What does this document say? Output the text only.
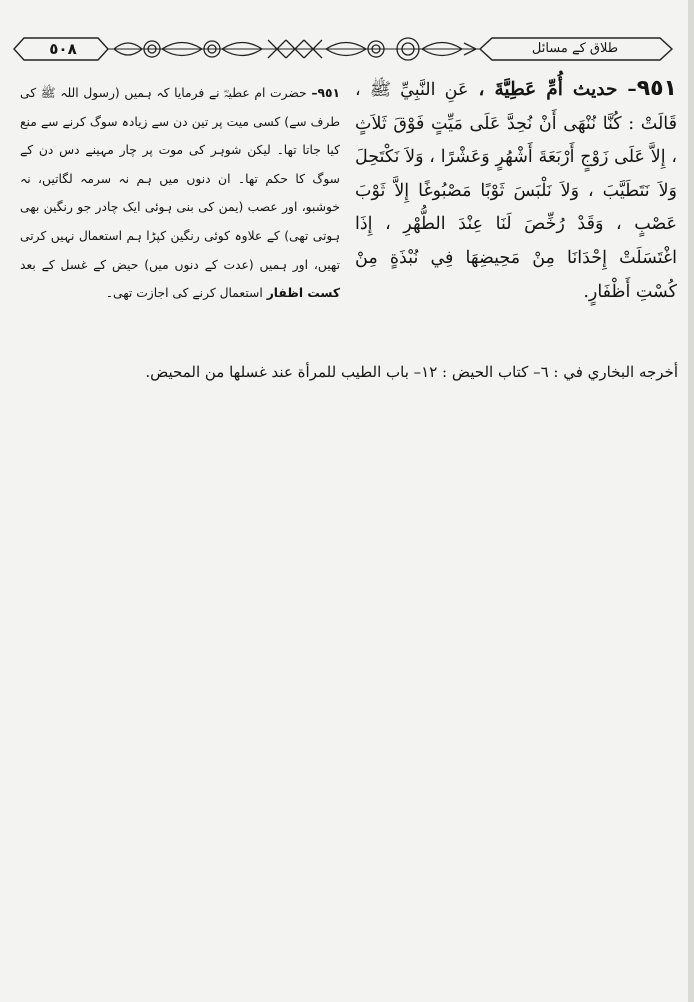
٥٠٨	طلاق کے مسائل
٩٥١– حديث أُمِّ عَطِيَّةَ ، عَنِ النَّبِيِّ ﷺ ، قَالَتْ : كُنَّا نُنْهَى أَنْ نُحِدَّ عَلَى مَيِّتٍ فَوْقَ ثَلاَثٍ ، إِلاَّ عَلَى زَوْجٍ أَرْبَعَةَ أَشْهُرٍ وَعَشْرًا ، وَلاَ نَكْتَحِلَ وَلاَ نَتَطَيَّبَ ، وَلاَ نَلْبَسَ ثَوْبًا مَصْبُوغًا إِلاَّ ثَوْبَ عَصْبٍ ، وَقَدْ رُخِّصَ لَنَا عِنْدَ الطُّهْرِ ، إِذَا اغْتَسَلَتْ إِحْدَانَا مِنْ مَحِيضِهَا فِي نُبْذَةٍ مِنْ كُسْتِ أَظْفَارٍ.
٩٥١– حضرت ام عطیہؓ نے فرمایا کہ ہمیں (رسول اللہ ﷺ کی طرف سے) کسی میت پر تین دن سے زیادہ سوگ کرنے سے منع کیا جاتا تھا۔ لیکن شوہر کی موت پر چار مہینے دس دن کے سوگ کا حکم تھا۔ ان دنوں میں ہم نہ سرمہ لگاتیں، نہ خوشبو، اور عصب (یمن کی بنی ہوئی ایک چادر جو رنگین بھی ہوتی تھی) کے علاوہ کوئی رنگین کپڑا ہم استعمال نہیں کرتی تھیں، اور ہمیں (عدت کے دنوں میں) حیض کے غسل کے بعد کست اظفار استعمال کرنے کی اجازت تھی۔
أخرجه البخاري في : ٦– كتاب الحيض : ١٢– باب الطيب للمرأة عند غسلها من المحيض.
